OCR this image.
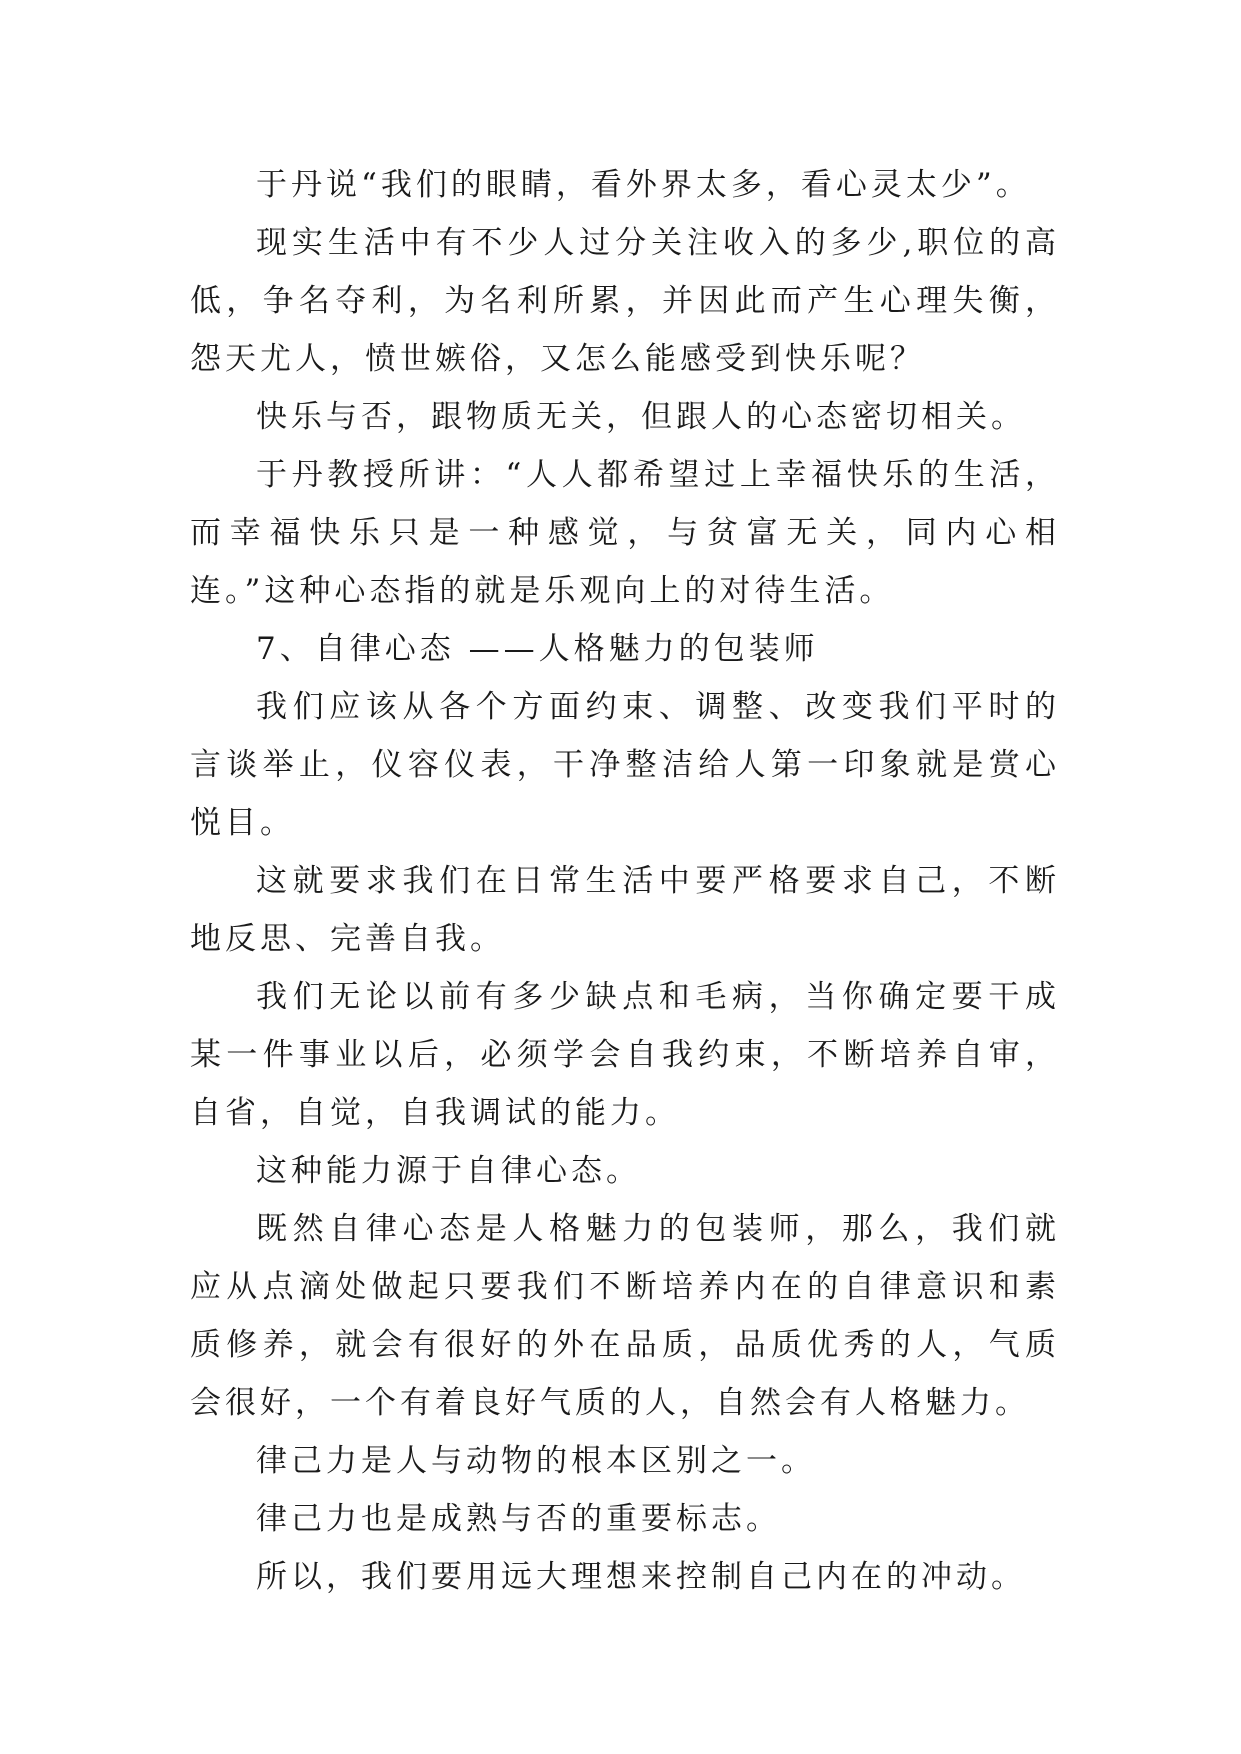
于丹说“我们的眼睛，看外界太多，看心灵太少”。

现实生活中有不少人过分关注收入的多少,职位的高低，争名夺利，为名利所累，并因此而产生心理失衡，怨天尤人，愤世嫉俗，又怎么能感受到快乐呢？

快乐与否，跟物质无关，但跟人的心态密切相关。

于丹教授所讲：“人人都希望过上幸福快乐的生活，而幸福快乐只是一种感觉，与贫富无关，同内心相连。”这种心态指的就是乐观向上的对待生活。

7、自律心态 ——人格魅力的包装师

我们应该从各个方面约束、调整、改变我们平时的言谈举止，仪容仪表，干净整洁给人第一印象就是赏心悦目。

这就要求我们在日常生活中要严格要求自己，不断地反思、完善自我。

我们无论以前有多少缺点和毛病，当你确定要干成某一件事业以后，必须学会自我约束，不断培养自审，自省，自觉，自我调试的能力。

这种能力源于自律心态。

既然自律心态是人格魅力的包装师，那么，我们就应从点滴处做起只要我们不断培养内在的自律意识和素质修养，就会有很好的外在品质，品质优秀的人，气质会很好，一个有着良好气质的人，自然会有人格魅力。

律己力是人与动物的根本区别之一。

律己力也是成熟与否的重要标志。

所以，我们要用远大理想来控制自己内在的冲动。
